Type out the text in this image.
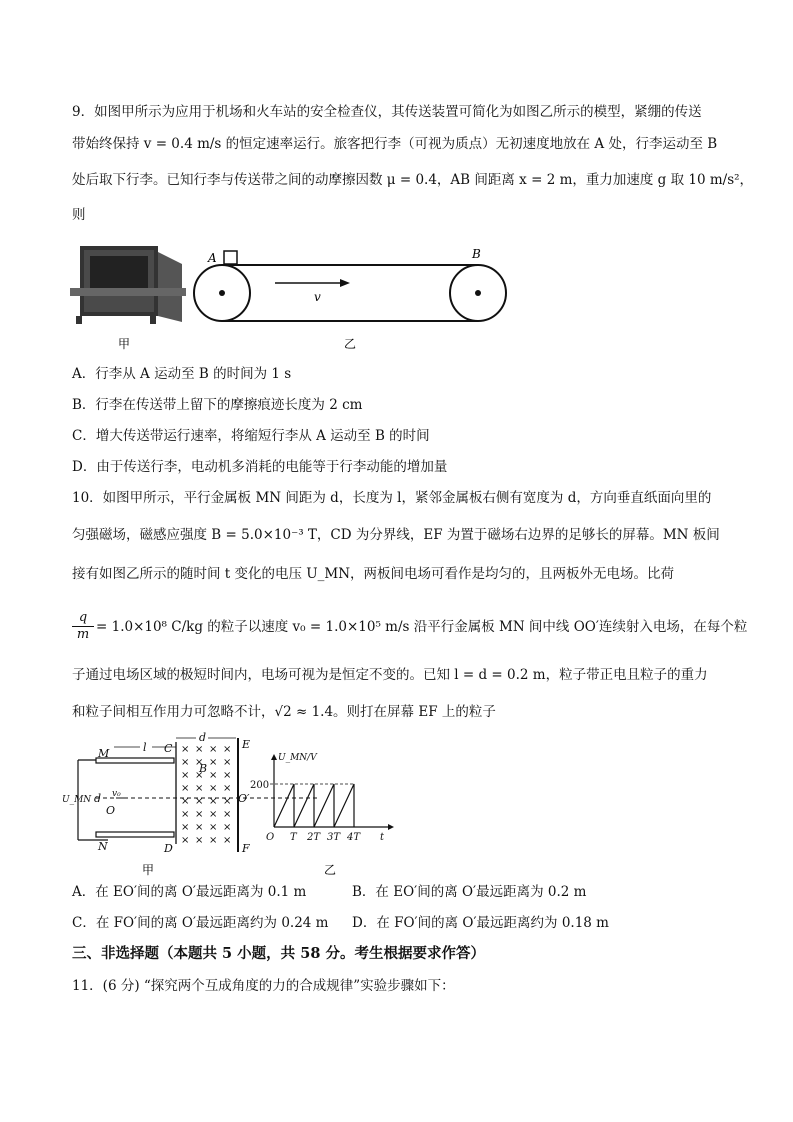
9．如图甲所示为应用于机场和火车站的安全检查仪，其传送装置可简化为如图乙所示的模型，紧绷的传送
带始终保持 v = 0.4 m/s 的恒定速率运行。旅客把行李（可视为质点）无初速度地放在 A 处，行李运动至 B
处后取下行李。已知行李与传送带之间的动摩擦因数 μ = 0.4，AB 间距离 x = 2 m，重力加速度 g 取 10 m/s²，
则
甲
A	B
v
乙
A．行李从 A 运动至 B 的时间为 1 s
B．行李在传送带上留下的摩擦痕迹长度为 2 cm
C．增大传送带运行速率，将缩短行李从 A 运动至 B 的时间
D．由于传送行李，电动机多消耗的电能等于行李动能的增加量
10．如图甲所示，平行金属板 MN 间距为 d，长度为 l，紧邻金属板右侧有宽度为 d，方向垂直纸面向里的
匀强磁场，磁感应强度 B = 5.0×10⁻³ T，CD 为分界线，EF 为置于磁场右边界的足够长的屏幕。MN 板间
接有如图乙所示的随时间 t 变化的电压 U_MN，两板间电场可看作是均匀的，且两板外无电场。比荷
$\frac{q}{m} = 1.0\times 10^8$ C/kg 的粒子以速度 v₀ = 1.0×10⁵ m/s 沿平行金属板 MN 间中线 OO′连续射入电场，在每个粒
子通过电场区域的极短时间内，电场可视为是恒定不变的。已知 l = d = 0.2 m，粒子带正电且粒子的重力
和粒子间相互作用力可忽略不计，√2 ≈ 1.4。则打在屏幕 EF 上的粒子
× × × ×
× × × ×
× × × ×
× × × ×
× × × ×
× × × ×
× × × ×
× × × ×
M
N
C
D
E
F
l
d
B
O
O′
U_MN d v₀
甲
U_MN/V
200
O T 2T 3T 4T t
乙
A．在 EO′间的离 O′最远距离为 0.1 m	B．在 EO′间的离 O′最远距离为 0.2 m
C．在 FO′间的离 O′最远距离约为 0.24 m D．在 FO′间的离 O′最远距离约为 0.18 m
三、非选择题（本题共 5 小题，共 58 分。考生根据要求作答）
11．(6 分) “探究两个互成角度的力的合成规律”实验步骤如下：
